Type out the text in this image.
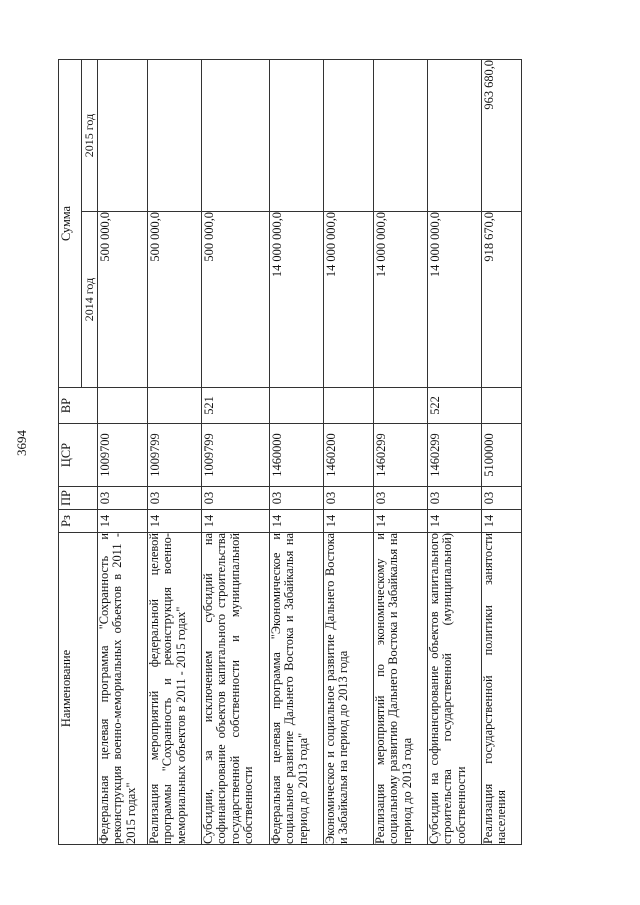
3694
Наименование	Рз	ПР	ЦСР	ВР	Сумма	
					2014 год	2015 год
Федеральная целевая программа "Сохранность и реконструкция военно-мемориальных объектов в 2011 - 2015 годах"	14	03	1009700		500 000,0	
Реализация мероприятий федеральной целевой программы "Сохранность и реконструкция военно-мемориальных объектов в 2011 - 2015 годах"	14	03	1009799		500 000,0	
Субсидии, за исключением субсидий на софинансирование объектов капитального строительства государственной собственности и муниципальной собственности	14	03	1009799	521	500 000,0	
Федеральная целевая программа "Экономическое и социальное развитие Дальнего Востока и Забайкалья на период до 2013 года"	14	03	1460000		14 000 000,0	
Экономическое и социальное развитие Дальнего Востока и Забайкалья на период до 2013 года	14	03	1460200		14 000 000,0	
Реализация мероприятий по экономическому и социальному развитию Дальнего Востока и Забайкалья на период до 2013 года	14	03	1460299		14 000 000,0	
Субсидии на софинансирование объектов капитального строительства государственной (муниципальной) собственности	14	03	1460299	522	14 000 000,0	
Реализация государственной политики занятости населения	14	03	5100000		918 670,0	963 680,0
